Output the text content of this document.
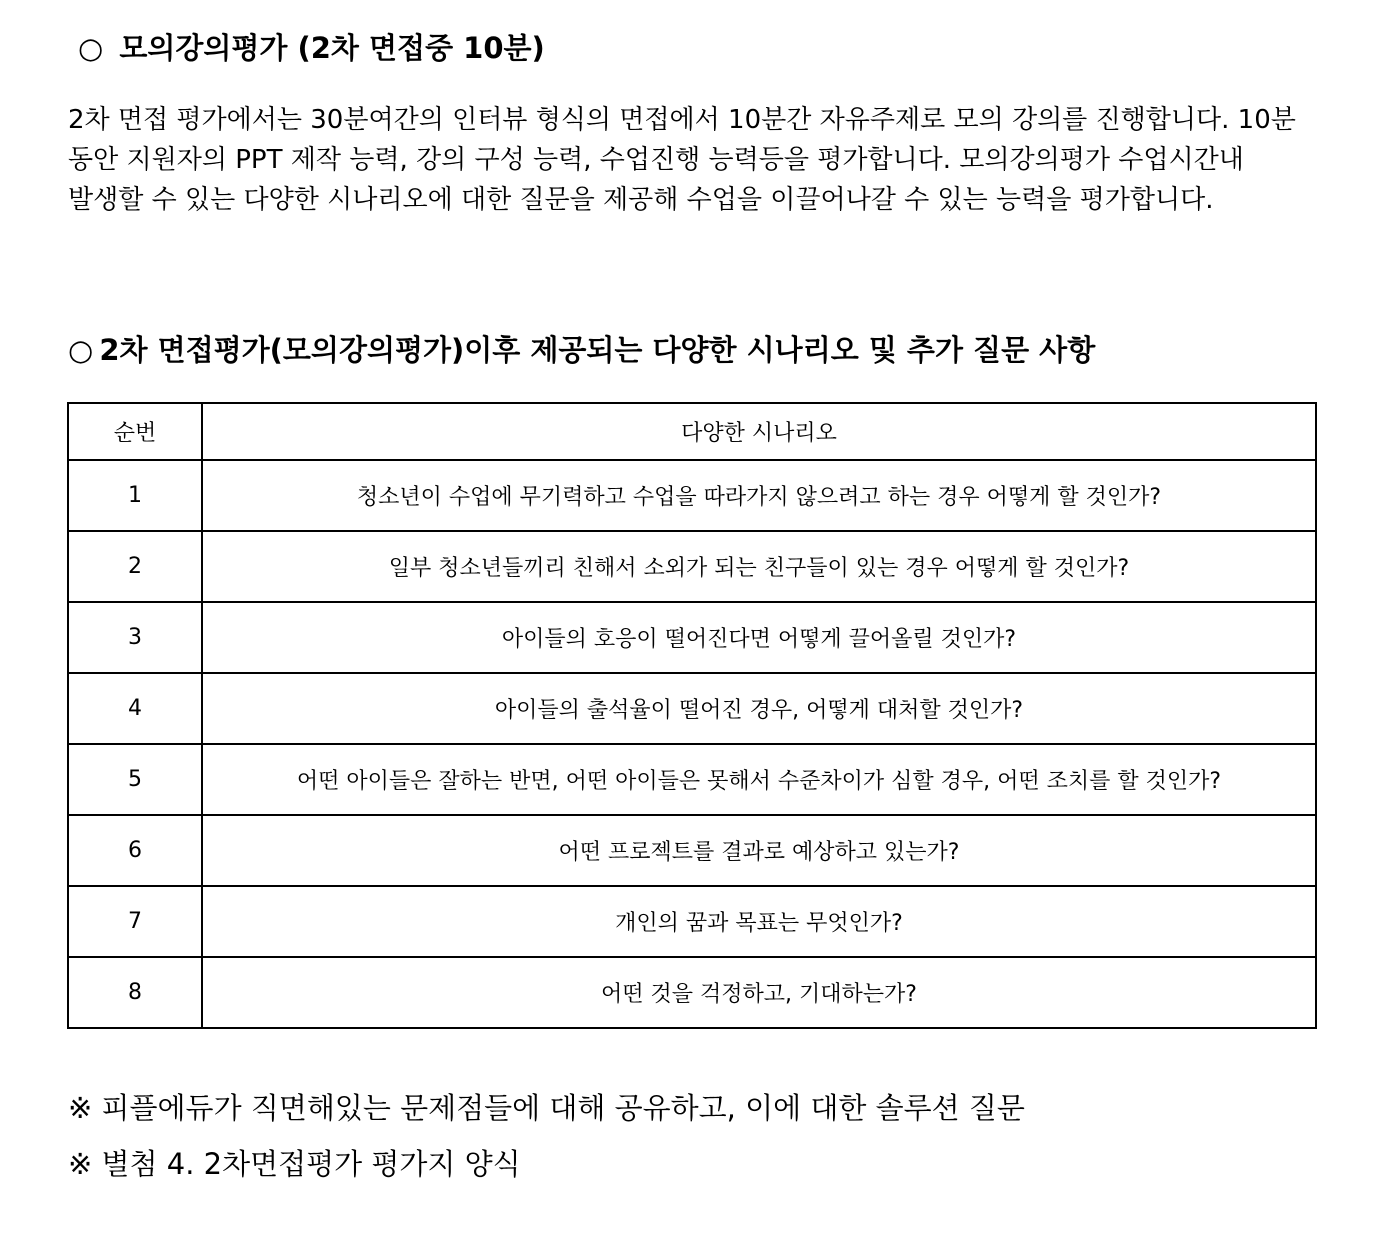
○ 모의강의평가 (2차 면접중 10분)

2차 면접 평가에서는 30분여간의 인터뷰 형식의 면접에서 10분간 자유주제로 모의 강의를 진행합니다. 10분
동안 지원자의 PPT 제작 능력, 강의 구성 능력, 수업진행 능력등을 평가합니다. 모의강의평가 수업시간내
발생할 수 있는 다양한 시나리오에 대한 질문을 제공해 수업을 이끌어나갈 수 있는 능력을 평가합니다.

○ 2차 면접평가(모의강의평가)이후 제공되는 다양한 시나리오 및 추가 질문 사항
순번	다양한 시나리오
1	청소년이 수업에 무기력하고 수업을 따라가지 않으려고 하는 경우 어떻게 할 것인가?
2	일부 청소년들끼리 친해서 소외가 되는 친구들이 있는 경우 어떻게 할 것인가?
3	아이들의 호응이 떨어진다면 어떻게 끌어올릴 것인가?
4	아이들의 출석율이 떨어진 경우, 어떻게 대처할 것인가?
5	어떤 아이들은 잘하는 반면, 어떤 아이들은 못해서 수준차이가 심할 경우, 어떤 조치를 할 것인가?
6	어떤 프로젝트를 결과로 예상하고 있는가?
7	개인의 꿈과 목표는 무엇인가?
8	어떤 것을 걱정하고, 기대하는가?
※ 피플에듀가 직면해있는 문제점들에 대해 공유하고, 이에 대한 솔루션 질문
※ 별첨 4. 2차면접평가 평가지 양식
